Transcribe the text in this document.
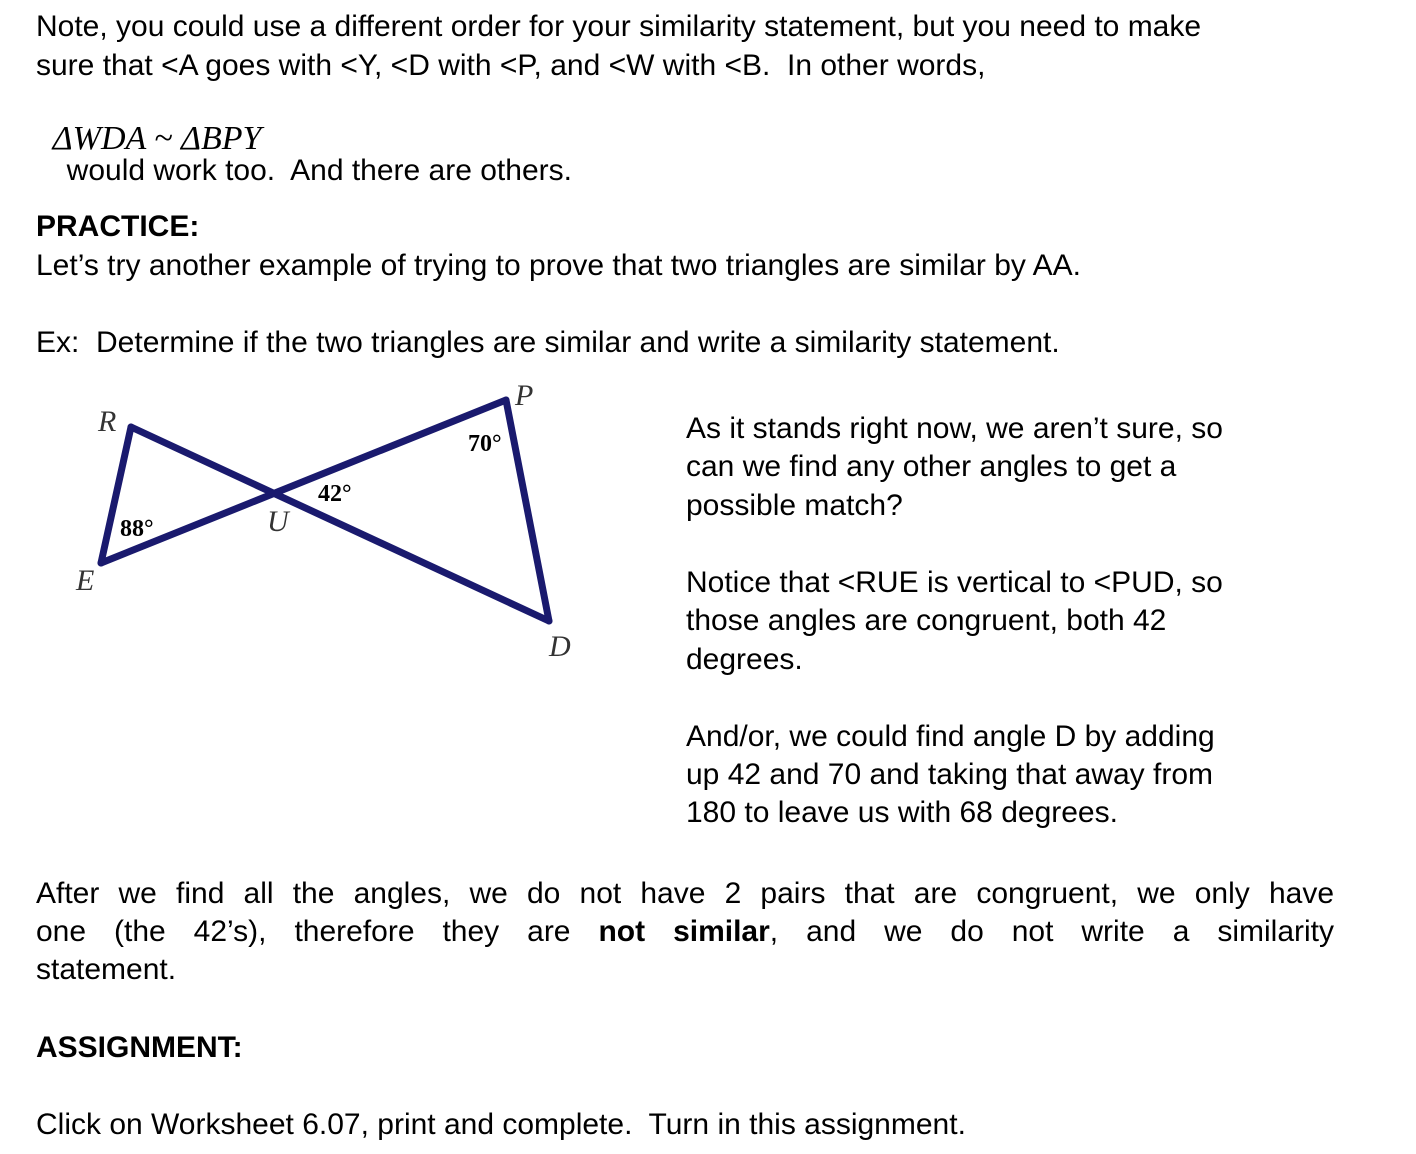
Note, you could use a different order for your similarity statement, but you need to make
sure that <A goes with <Y, <D with <P, and <W with <B.  In other words,

ΔWDA ~ ΔBPY
would work too.  And there are others.

PRACTICE:
Let’s try another example of trying to prove that two triangles are similar by AA.
Ex:  Determine if the two triangles are similar and write a similarity statement.
R
P
U
E
D
70°
42°
88°
As it stands right now, we aren’t sure, so
can we find any other angles to get a
possible match?
Notice that <RUE is vertical to <PUD, so
those angles are congruent, both 42
degrees.
And/or, we could find angle D by adding
up 42 and 70 and taking that away from
180 to leave us with 68 degrees.
After we find all the angles, we do not have 2 pairs that are congruent, we only have
one (the 42’s), therefore they are not similar, and we do not write a similarity
statement.
ASSIGNMENT:
Click on Worksheet 6.07, print and complete.  Turn in this assignment.
